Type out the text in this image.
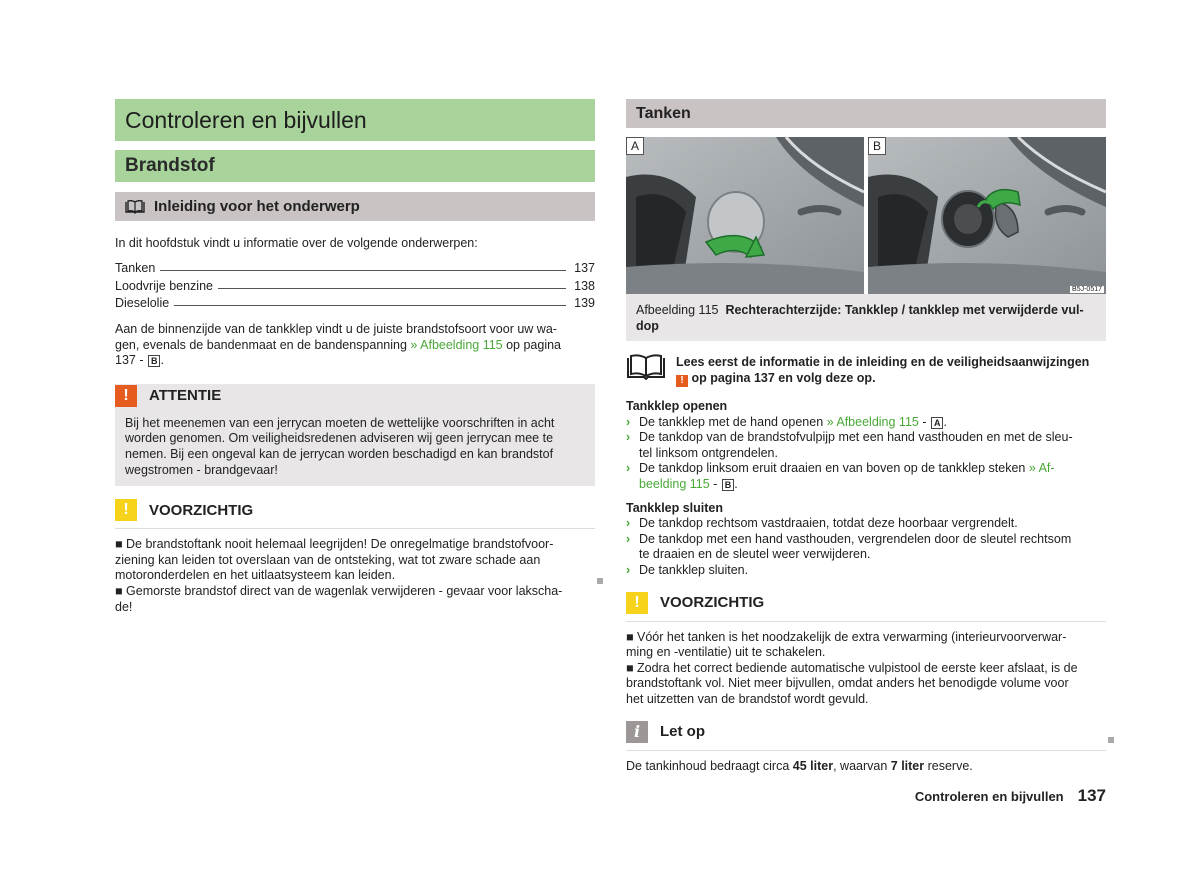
Controleren en bijvullen
Brandstof
Inleiding voor het onderwerp

In dit hoofdstuk vindt u informatie over de volgende onderwerpen:

Tanken	137
Loodvrije benzine	138
Dieselolie	139

Aan de binnenzijde van de tankklep vindt u de juiste brandstofsoort voor uw wa-
gen, evenals de bandenmaat en de bandenspanning » Afbeelding 115 op pagina
137 - B .

!	ATTENTIE
Bij het meenemen van een jerrycan moeten de wettelijke voorschriften in acht
worden genomen. Om veiligheidsredenen adviseren wij geen jerrycan mee te
nemen. Bij een ongeval kan de jerrycan worden beschadigd en kan brandstof
wegstromen - brandgevaar!
!	VOORZICHTIG
■ De brandstoftank nooit helemaal leegrijden! De onregelmatige brandstofvoor-
ziening kan leiden tot overslaan van de ontsteking, wat tot zware schade aan
motoronderdelen en het uitlaatsysteem kan leiden.
■ Gemorste brandstof direct van de wagenlak verwijderen - gevaar voor lakscha-
de!
Tanken
A	B
B5J-0517
Afbeelding 115 Rechterachterzijde: Tankklep / tankklep met verwijderde vul-
dop
Lees eerst de informatie in de inleiding en de veiligheidsaanwijzingen
! op pagina 137 en volg deze op.
Tankklep openen
› De tankklep met de hand openen » Afbeelding 115 - A .
› De tankdop van de brandstofvulpijp met een hand vasthouden en met de sleu-
tel linksom ontgrendelen.
› De tankdop linksom eruit draaien en van boven op de tankklep steken » Af-
beelding 115 - B .
Tankklep sluiten
› De tankdop rechtsom vastdraaien, totdat deze hoorbaar vergrendelt.
› De tankdop met een hand vasthouden, vergrendelen door de sleutel rechtsom
te draaien en de sleutel weer verwijderen.
› De tankklep sluiten.
!	VOORZICHTIG
■ Vóór het tanken is het noodzakelijk de extra verwarming (interieurvoorverwar-
ming en -ventilatie) uit te schakelen.
■ Zodra het correct bediende automatische vulpistool de eerste keer afslaat, is de
brandstoftank vol. Niet meer bijvullen, omdat anders het benodigde volume voor
het uitzetten van de brandstof wordt gevuld.
i	Let op
De tankinhoud bedraagt circa 45 liter, waarvan 7 liter reserve.
Controleren en bijvullen 137
